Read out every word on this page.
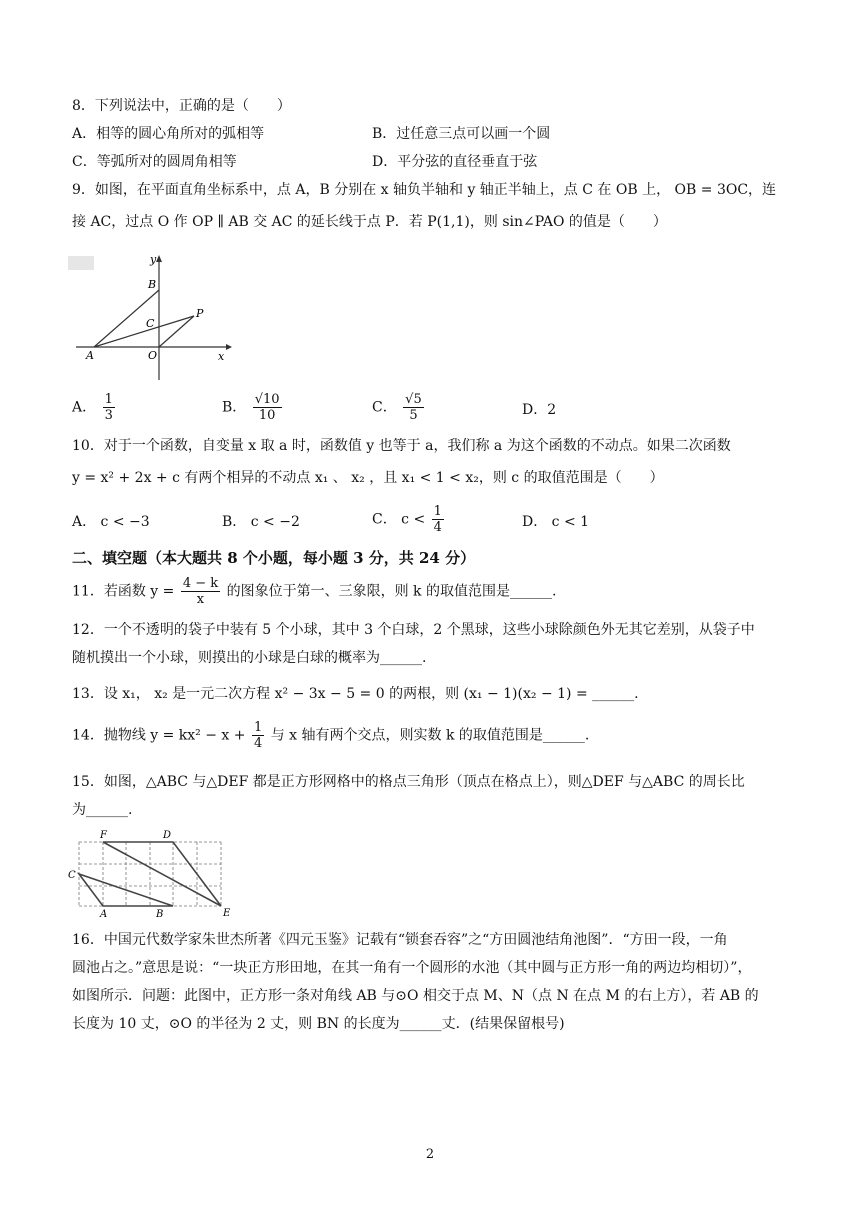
8．下列说法中，正确的是（　　）
A．相等的圆心角所对的弧相等	B．过任意三点可以画一个圆
C．等弧所对的圆周角相等	D．平分弦的直径垂直于弦
9．如图，在平面直角坐标系中，点 A，B 分别在 x 轴负半轴和 y 轴正半轴上，点 C 在 OB 上， OB = 3OC，连
接 AC，过点 O 作 OP ∥ AB 交 AC 的延长线于点 P．若 P(1,1)，则 sin∠PAO 的值是（　　）
y
x
B
C
P
A	O
A． $\frac{1}{3}$	B． $\frac{√10}{10}$	C． $\frac{√5}{5}$	D．2
10．对于一个函数，自变量 x 取 a 时，函数值 y 也等于 a，我们称 a 为这个函数的不动点。如果二次函数
y = x² + 2x + c 有两个相异的不动点 x₁ 、 x₂ ，且 x₁ < 1 < x₂，则 c 的取值范围是（　　）
A． c < −3	B． c < −2	C． $c < \frac{1}{4}$	D． c < 1
二、填空题（本大题共 8 个小题，每小题 3 分，共 24 分）
11．若函数 $y = \frac{4 - k}{x}$ 的图象位于第一、三象限，则 k 的取值范围是______.
12．一个不透明的袋子中装有 5 个小球，其中 3 个白球，2 个黑球，这些小球除颜色外无其它差别，从袋子中
随机摸出一个小球，则摸出的小球是白球的概率为______.
13．设 x₁， x₂ 是一元二次方程 x² − 3x − 5 = 0 的两根，则 (x₁ − 1)(x₂ − 1) = ______.
14．抛物线 $y = kx^2 - x + \frac{1}{4}$ 与 x 轴有两个交点，则实数 k 的取值范围是______.
15．如图，△ABC 与△DEF 都是正方形网格中的格点三角形（顶点在格点上），则△DEF 与△ABC 的周长比
为______.
F	D
C
A	B	E
16．中国元代数学家朱世杰所著《四元玉鉴》记载有“锁套吞容”之“方田圆池结角池图”．“方田一段，一角
圆池占之。”意思是说：“一块正方形田地，在其一角有一个圆形的水池（其中圆与正方形一角的两边均相切）”，
如图所示．问题：此图中，正方形一条对角线 AB 与⊙O 相交于点 M、N（点 N 在点 M 的右上方），若 AB 的
长度为 10 丈，⊙O 的半径为 2 丈，则 BN 的长度为______丈．(结果保留根号)
2
